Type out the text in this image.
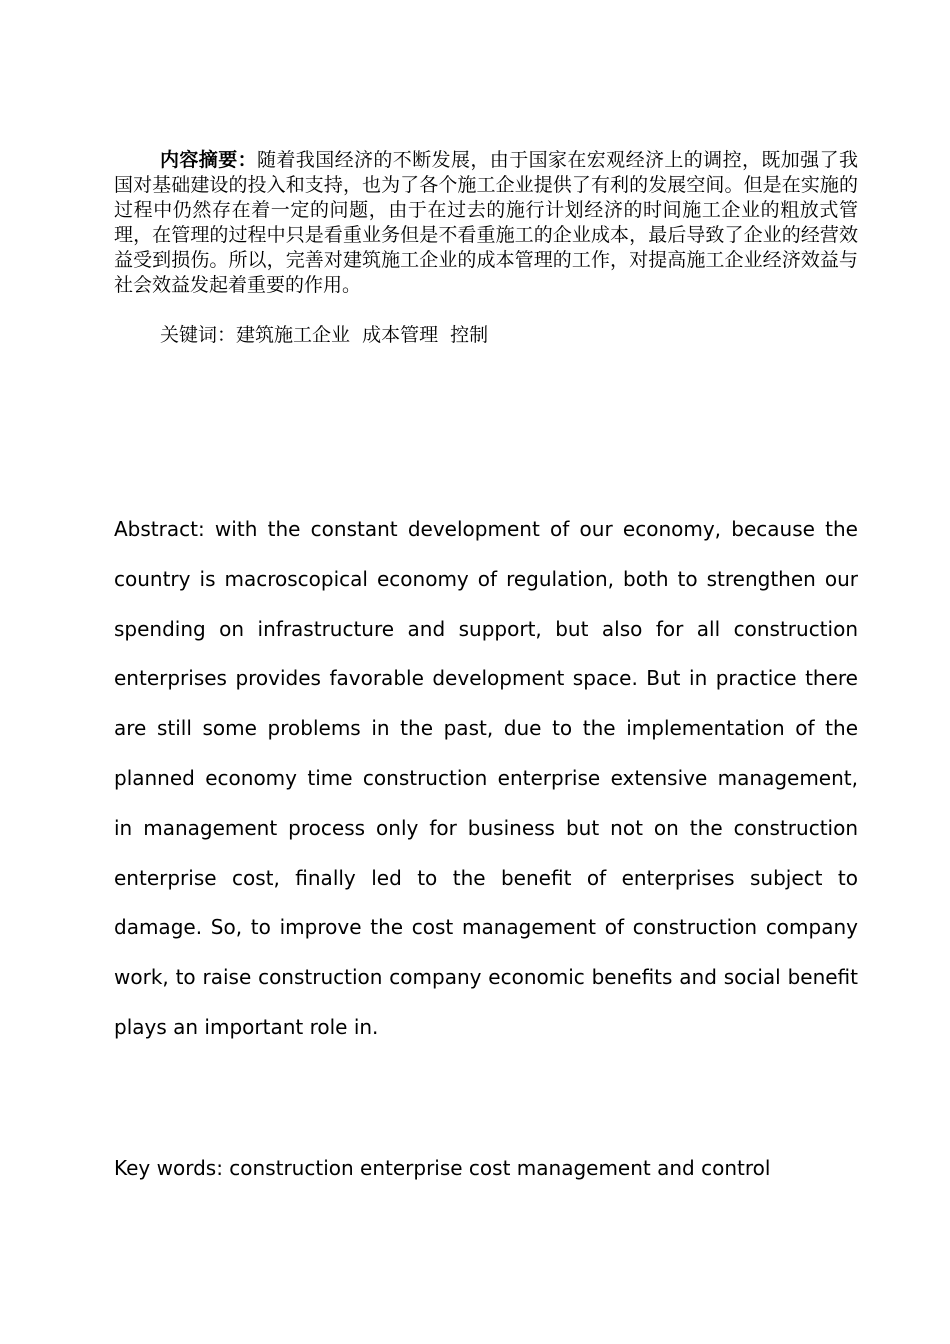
内容摘要：随着我国经济的不断发展，由于国家在宏观经济上的调控，既加强了我国对基础建设的投入和支持，也为了各个施工企业提供了有利的发展空间。但是在实施的过程中仍然存在着一定的问题，由于在过去的施行计划经济的时间施工企业的粗放式管理，在管理的过程中只是看重业务但是不看重施工的企业成本，最后导致了企业的经营效益受到损伤。所以，完善对建筑施工企业的成本管理的工作，对提高施工企业经济效益与社会效益发起着重要的作用。

关键词：建筑施工企业  成本管理  控制

Abstract: with the constant development of our economy, because the country is macroscopical economy of regulation, both to strengthen our spending on infrastructure and support, but also for all construction enterprises provides favorable development space. But in practice there are still some problems in the past, due to the implementation of the planned economy time construction enterprise extensive management, in management process only for business but not on the construction enterprise cost, finally led to the benefit of enterprises subject to damage. So, to improve the cost management of construction company work, to raise construction company economic benefits and social benefit plays an important role in.

Key words: construction enterprise cost management and control
